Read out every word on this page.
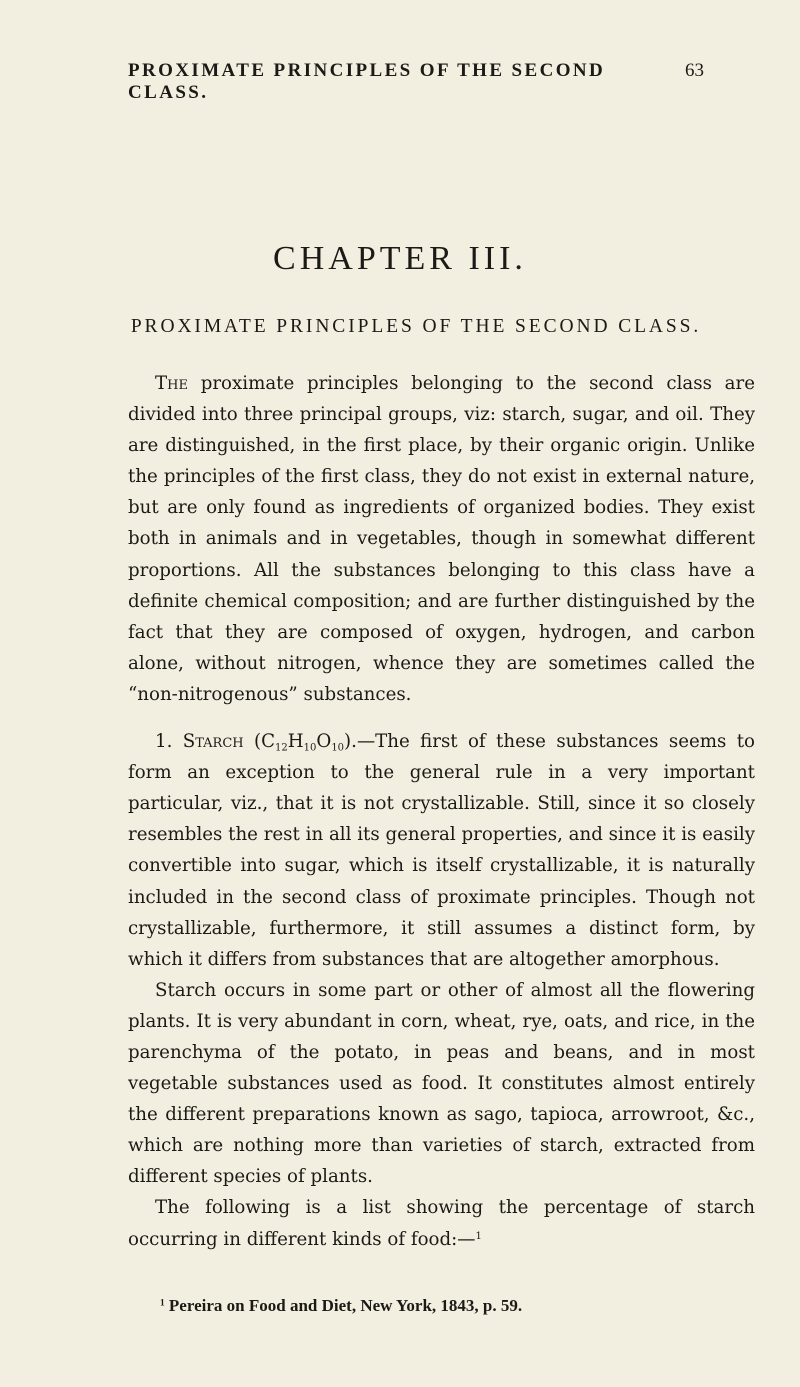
PROXIMATE PRINCIPLES OF THE SECOND CLASS.
63
CHAPTER III.
PROXIMATE PRINCIPLES OF THE SECOND CLASS.

The proximate principles belonging to the second class are divided into three principal groups, viz: starch, sugar, and oil. They are distinguished, in the first place, by their organic origin. Unlike the principles of the first class, they do not exist in external nature, but are only found as ingredients of organized bodies. They exist both in animals and in vegetables, though in somewhat different proportions. All the substances belonging to this class have a definite chemical composition; and are further distinguished by the fact that they are composed of oxygen, hydrogen, and carbon alone, without nitrogen, whence they are sometimes called the “non-nitrogenous” substances.

1. Starch $(C_{12}H_{10}O_{10}).—The$ first of these substances seems to form an exception to the general rule in a very important particular, viz., that it is not crystallizable. Still, since it so closely resembles the rest in all its general properties, and since it is easily convertible into sugar, which is itself crystallizable, it is naturally included in the second class of proximate principles. Though not crystallizable, furthermore, it still assumes a distinct form, by which it differs from substances that are altogether amorphous.

Starch occurs in some part or other of almost all the flowering plants. It is very abundant in corn, wheat, rye, oats, and rice, in the parenchyma of the potato, in peas and beans, and in most vegetable substances used as food. It constitutes almost entirely the different preparations known as sago, tapioca, arrowroot, &c., which are nothing more than varieties of starch, extracted from different species of plants.

The following is a list showing the percentage of starch occurring in different kinds of food:—$^1$

$^1$ Pereira on Food and Diet, New York, 1843, p. 59.
